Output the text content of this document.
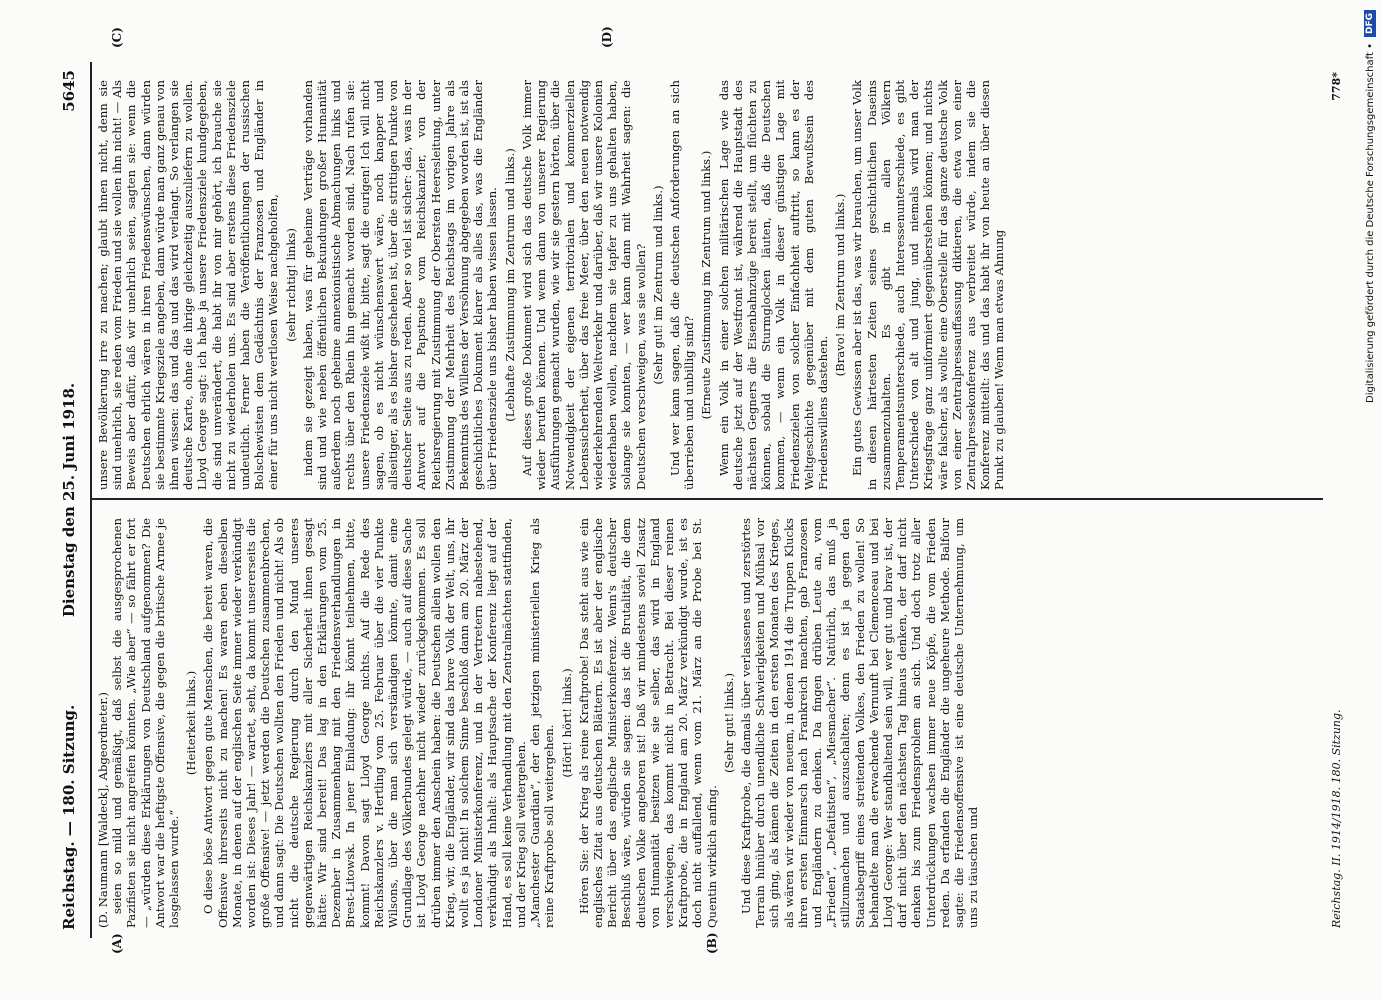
Reichstag. — 180. Sitzung.
Dienstag den 25. Juni 1918.
5645
(A)	(B)
(C)	(D)

(D. Naumann [Waldeck], Abgeordneter.) seien so mild und gemäßigt, daß selbst die ausgesprochenen Pazifisten sie nicht angreifen könnten. „Wie aber“ — so fährt er fort — „würden diese Erklärungen von Deutschland aufgenommen? Die Antwort war die heftigste Offensive, die gegen die britische Armee je losgelassen wurde.“

(Heiterkeit links.) O diese böse Antwort gegen gute Menschen, die bereit waren, die Offensive ihrerseits nicht zu machen! Es waren eben dieselben Monate, in denen auf der englischen Seite immer wieder verkündigt worden ist: Dieses Jahr! — wartet, seht, da kommt unsererseits die große Offensive! — jetzt werden die Deutschen zusammenbrechen, und dann sagt: Die Deutschen wollten den Frieden und nicht! Als ob nicht die deutsche Regierung durch den Mund unseres gegenwärtigen Reichskanzlers mit aller Sicherheit ihnen gesagt hätte: Wir sind bereit! Das lag in den Erklärungen vom 25. Dezember in Zusammenhang mit den Friedensverhandlungen in Brest-Litowsk. In jener Einladung: ihr könnt teilnehmen, bitte, kommt! Davon sagt Lloyd George nichts. Auf die Rede des Reichskanzlers v. Hertling vom 25. Februar über die vier Punkte Wilsons, über die man sich verständigen könnte, damit eine Grundlage des Völkerbundes gelegt würde, — auch auf diese Sache ist Lloyd George nachher nicht wieder zurückgekommen. Es soll drüben immer den Anschein haben: die Deutschen allein wollen den Krieg, wir, die Engländer, wir sind das brave Volk der Welt, uns, ihr wollt es ja nicht! In solchem Sinne beschloß dann am 20. März der Londoner Ministerkonferenz, und in der Vertretern nahestehend, verkündigt als Inhalt: als Hauptsache der Konferenz liegt auf der Hand, es soll keine Verhandlung mit den Zentralmächten stattfinden, und der Krieg soll weitergehen. „Manchester Guardian“, der den jetzigen ministeriellen Krieg als reine Kraftprobe soll weitergehen.

(Hört! hört! links.) Hören Sie: der Krieg als reine Kraftprobe! Das steht aus wie ein englisches Zitat aus deutschen Blättern. Es ist aber der englische Bericht über das englische Ministerkonferenz. Wenn's deutscher Beschluß wäre, würden sie sagen: das ist die Brutalität, die dem deutschen Volke angeboren ist! Daß wir mindestens soviel Zusatz von Humanität besitzen wie sie selber, das wird in England verschwiegen, das kommt nicht in Betracht. Bei dieser reinen Kraftprobe, die in England am 20. März verkündigt wurde, ist es doch nicht auffallend, wenn vom 21. März an die Probe bei St. Quentin wirklich anfing.

(Sehr gut! links.) Und diese Kraftprobe, die damals über verlassenes und zerstörtes Terrain hinüber durch unendliche Schwierigkeiten und Mühsal vor sich ging, als kämen die Zeiten in den ersten Monaten des Krieges, als wären wir wieder von neuem, in denen 1914 die Truppen Klucks ihren ersten Einmarsch nach Frankreich machten, gab Franzosen und Engländern zu denken. Da fingen drüben Leute an, vom „Frieden“, „Defaitisten“, „Miesmacher“. Natürlich, das muß ja stillzumachen und auszuschalten; denn es ist ja gegen den Staatsbegriff eines streitenden Volkes, den Frieden zu wollen! So behandelte man die erwachende Vernunft bei Clemenceau und bei Lloyd George: Wer standhaltend sein will, wer gut und brav ist, der darf nicht über den nächsten Tag hinaus denken, der darf nicht denken bis zum Friedensproblem an sich. Und doch trotz aller Unterdrückungen wachsen immer neue Köpfe, die vom Frieden reden. Da erfanden die Engländer die ungeheure Methode. Balfour sagte: die Friedensoffensive ist eine deutsche Unternehmung, um uns zu täuschen und

unsere Bevölkerung irre zu machen; glaubt ihnen nicht, denn sie sind unehrlich, sie reden vom Frieden und sie wollen ihn nicht! — Als Beweis aber dafür, daß wir unehrlich seien, sagten sie: wenn die Deutschen ehrlich wären in ihren Friedenswünschen, dann würden sie bestimmte Kriegsziele angeben, dann würde man ganz genau von ihnen wissen: das und das und das wird verlangt. So verlangen sie deutsche Karte, ohne die ihrige gleichzeitig auszuliefern zu wollen. Lloyd George sagt: ich habe ja unsere Friedensziele kundgegeben, die sind unverändert, die habt ihr von mir gehört, ich brauche sie nicht zu wiederholen uns. Es sind aber erstens diese Friedensziele undeutlich. Ferner haben die Veröffentlichungen der russischen Bolschewisten dem Gedächtnis der Franzosen und Engländer in einer für uns nicht wertlosen Weise nachgeholfen, (sehr richtig! links) indem sie gezeigt haben, was für geheime Verträge vorhanden sind und wie neben öffentlichen Bekundungen großer Humanität außerdem noch geheime annexionistische Abmachungen links und rechts über den Rhein hin gemacht worden sind. Nach rufen sie: unsere Friedensziele wißt ihr, bitte, sagt die eurigen! Ich will nicht sagen, ob es nicht wünschenswert wäre, noch knapper und allseitiger, als es bisher geschehen ist, über die strittigen Punkte von deutscher Seite aus zu reden. Aber so viel ist sicher: das, was in der Antwort auf die Papstnote vom Reichskanzler, von der Reichsregierung mit Zustimmung der Obersten Heeresleitung, unter Zustimmung der Mehrheit des Reichstags im vorigen Jahre als Bekenntnis des Willens der Versöhnung abgegeben worden ist, ist als geschichtliches Dokument klarer als alles das, was die Engländer über Friedensziele uns bisher haben wissen lassen. (Lebhafte Zustimmung im Zentrum und links.) Auf dieses große Dokument wird sich das deutsche Volk immer wieder berufen können. Und wenn dann von unserer Regierung Ausführungen gemacht wurden, wie wir sie gestern hörten, über die Notwendigkeit der eigenen territorialen und kommerziellen Lebenssicherheit, über das freie Meer, über den neuen notwendig wiederkehrenden Weltverkehr und darüber, daß wir unsere Kolonien wiederhaben wollen, nachdem sie tapfer zu uns gehalten haben, solange sie konnten, — wer kann dann mit Wahrheit sagen: die Deutschen verschweigen, was sie wollen? (Sehr gut! im Zentrum und links.) Und wer kann sagen, daß die deutschen Anforderungen an sich überrieben und unbillig sind? (Erneute Zustimmung im Zentrum und links.) Wenn ein Volk in einer solchen militärischen Lage wie das deutsche jetzt auf der Westfront ist, während die Hauptstadt des nächsten Gegners die Eisenbahnzüge bereit stellt, um flüchten zu können, sobald die Sturmglocken läuten, daß die Deutschen kommen, — wenn ein Volk in dieser günstigen Lage mit Friedenszielen von solcher Einfachheit auftritt, so kann es der Weltgeschichte gegenüber mit dem guten Bewußtsein des Friedenswillens dastehen.

(Bravo! im Zentrum und links.) Ein gutes Gewissen aber ist das, was wir brauchen, um unser Volk in diesen härtesten Zeiten seines geschichtlichen Daseins zusammenzuhalten. Es gibt in allen Völkern Temperamentsunterschiede, auch Interessenunterschiede, es gibt Unterschiede von alt und jung, und niemals wird man der Kriegsfrage ganz uniformiert gegenüberstehen können; und nichts wäre falscher, als wollte eine Oberstelle für das ganze deutsche Volk von einer Zentralpressauffassung diktieren, die etwa von einer Zentralpressekonferenz aus verbreitet würde, indem sie die Konferenz mitteilt: das und das habt ihr von heute an über diesen Punkt zu glauben! Wenn man etwas Ahnung

Reichstag. II. 1914/1918. 180. Sitzung.
778* Digitalisierung gefördert durch die Deutsche Forschungsgemeinschaft •
DFG
